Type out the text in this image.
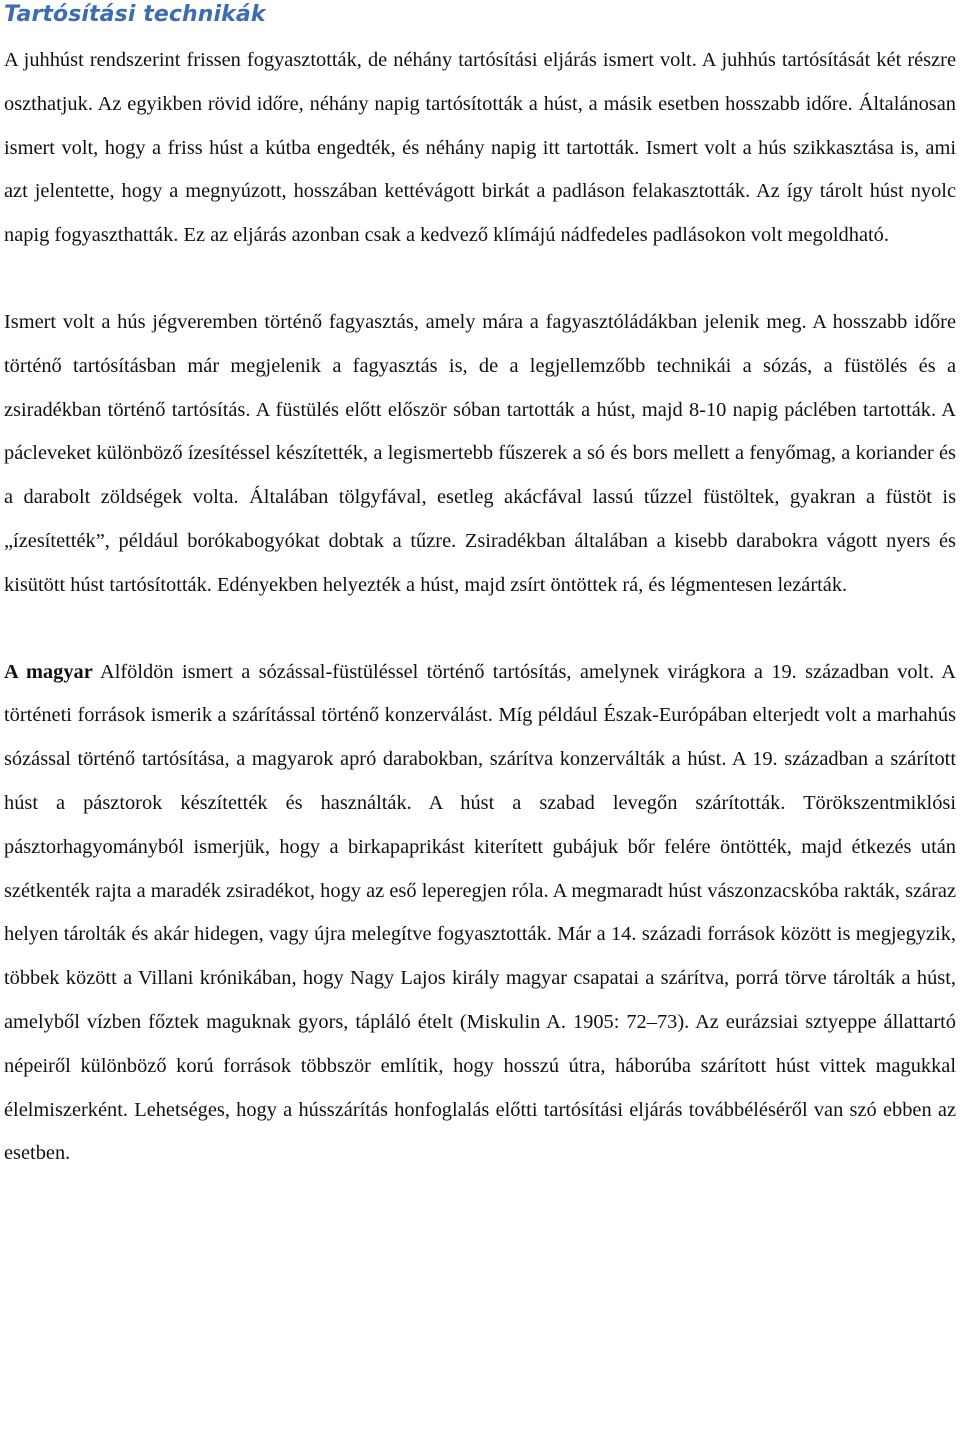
Tartósítási technikák

A juhhúst rendszerint frissen fogyasztották, de néhány tartósítási eljárás ismert volt. A juhhús tartósítását két részre oszthatjuk. Az egyikben rövid időre, néhány napig tartósították a húst, a másik esetben hosszabb időre. Általánosan ismert volt, hogy a friss húst a kútba engedték, és néhány napig itt tartották. Ismert volt a hús szikkasztása is, ami azt jelentette, hogy a megnyúzott, hosszában kettévágott birkát a padláson felakasztották. Az így tárolt húst nyolc napig fogyaszthatták. Ez az eljárás azonban csak a kedvező klímájú nádfedeles padlásokon volt megoldható.

Ismert volt a hús jégveremben történő fagyasztás, amely mára a fagyasztóládákban jelenik meg. A hosszabb időre történő tartósításban már megjelenik a fagyasztás is, de a legjellemzőbb technikái a sózás, a füstölés és a zsiradékban történő tartósítás. A füstülés előtt először sóban tartották a húst, majd 8-10 napig páclében tartották. A pácleveket különböző ízesítéssel készítették, a legismertebb fűszerek a só és bors mellett a fenyőmag, a koriander és a darabolt zöldségek volta. Általában tölgyfával, esetleg akácfával lassú tűzzel füstöltek, gyakran a füstöt is „ízesítették”, például borókabogyókat dobtak a tűzre. Zsiradékban általában a kisebb darabokra vágott nyers és kisütött húst tartósították. Edényekben helyezték a húst, majd zsírt öntöttek rá, és légmentesen lezárták.

A magyar Alföldön ismert a sózással-füstüléssel történő tartósítás, amelynek virágkora a 19. században volt. A történeti források ismerik a szárítással történő konzerválást. Míg például Észak-Európában elterjedt volt a marhahús sózással történő tartósítása, a magyarok apró darabokban, szárítva konzerválták a húst. A 19. században a szárított húst a pásztorok készítették és használták. A húst a szabad levegőn szárították. Törökszentmiklósi pásztorhagyományból ismerjük, hogy a birkapaprikást kiterített gubájuk bőr felére öntötték, majd étkezés után szétkenték rajta a maradék zsiradékot, hogy az eső leperegjen róla. A megmaradt húst vászonzacskóba rakták, száraz helyen tárolták és akár hidegen, vagy újra melegítve fogyasztották. Már a 14. századi források között is megjegyzik, többek között a Villani krónikában, hogy Nagy Lajos király magyar csapatai a szárítva, porrá törve tárolták a húst, amelyből vízben főztek maguknak gyors, tápláló ételt (Miskulin A. 1905: 72–73). Az eurázsiai sztyeppe állattartó népeiről különböző korú források többször említik, hogy hosszú útra, háborúba szárított húst vittek magukkal élelmiszerként. Lehetséges, hogy a hússzárítás honfoglalás előtti tartósítási eljárás továbbéléséről van szó ebben az esetben.
